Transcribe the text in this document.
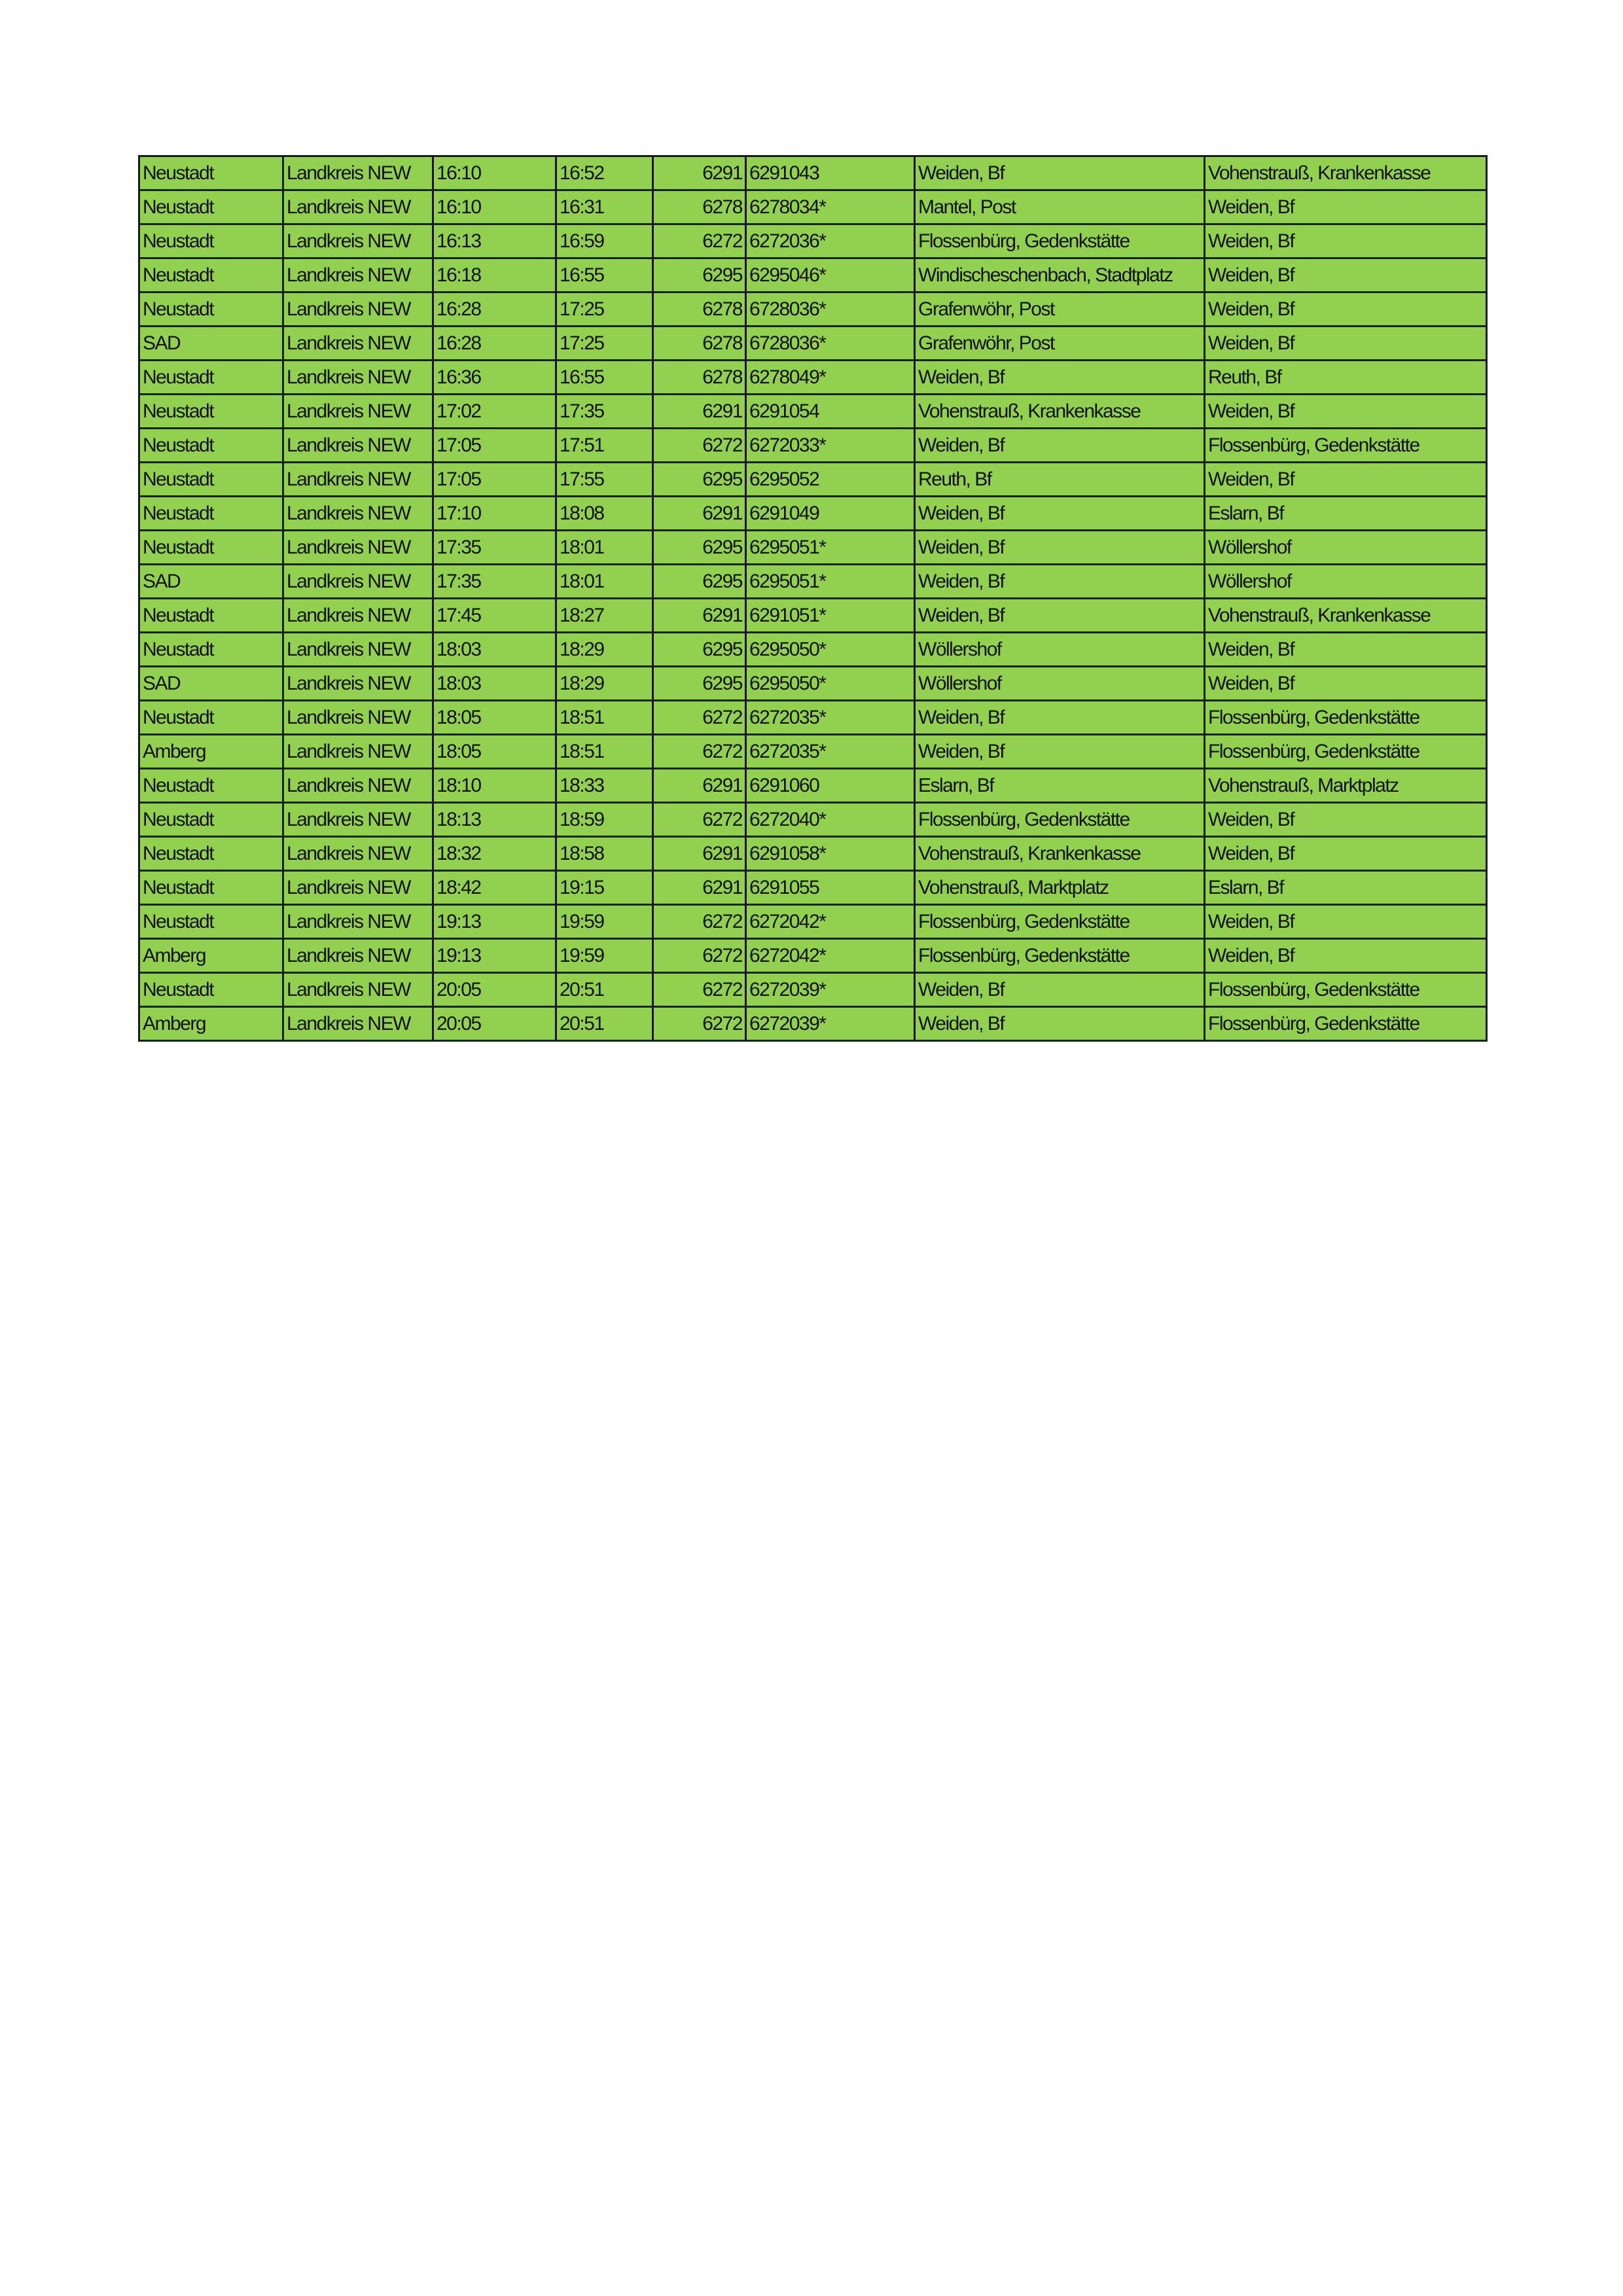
Neustadt	Landkreis NEW	16:10	16:52	6291	6291043	Weiden, Bf	Vohenstrauß, Krankenkasse
Neustadt	Landkreis NEW	16:10	16:31	6278	6278034*	Mantel, Post	Weiden, Bf
Neustadt	Landkreis NEW	16:13	16:59	6272	6272036*	Flossenbürg, Gedenkstätte	Weiden, Bf
Neustadt	Landkreis NEW	16:18	16:55	6295	6295046*	Windischeschenbach, Stadtplatz	Weiden, Bf
Neustadt	Landkreis NEW	16:28	17:25	6278	6728036*	Grafenwöhr, Post	Weiden, Bf
SAD	Landkreis NEW	16:28	17:25	6278	6728036*	Grafenwöhr, Post	Weiden, Bf
Neustadt	Landkreis NEW	16:36	16:55	6278	6278049*	Weiden, Bf	Reuth, Bf
Neustadt	Landkreis NEW	17:02	17:35	6291	6291054	Vohenstrauß, Krankenkasse	Weiden, Bf
Neustadt	Landkreis NEW	17:05	17:51	6272	6272033*	Weiden, Bf	Flossenbürg, Gedenkstätte
Neustadt	Landkreis NEW	17:05	17:55	6295	6295052	Reuth, Bf	Weiden, Bf
Neustadt	Landkreis NEW	17:10	18:08	6291	6291049	Weiden, Bf	Eslarn, Bf
Neustadt	Landkreis NEW	17:35	18:01	6295	6295051*	Weiden, Bf	Wöllershof
SAD	Landkreis NEW	17:35	18:01	6295	6295051*	Weiden, Bf	Wöllershof
Neustadt	Landkreis NEW	17:45	18:27	6291	6291051*	Weiden, Bf	Vohenstrauß, Krankenkasse
Neustadt	Landkreis NEW	18:03	18:29	6295	6295050*	Wöllershof	Weiden, Bf
SAD	Landkreis NEW	18:03	18:29	6295	6295050*	Wöllershof	Weiden, Bf
Neustadt	Landkreis NEW	18:05	18:51	6272	6272035*	Weiden, Bf	Flossenbürg, Gedenkstätte
Amberg	Landkreis NEW	18:05	18:51	6272	6272035*	Weiden, Bf	Flossenbürg, Gedenkstätte
Neustadt	Landkreis NEW	18:10	18:33	6291	6291060	Eslarn, Bf	Vohenstrauß, Marktplatz
Neustadt	Landkreis NEW	18:13	18:59	6272	6272040*	Flossenbürg, Gedenkstätte	Weiden, Bf
Neustadt	Landkreis NEW	18:32	18:58	6291	6291058*	Vohenstrauß, Krankenkasse	Weiden, Bf
Neustadt	Landkreis NEW	18:42	19:15	6291	6291055	Vohenstrauß, Marktplatz	Eslarn, Bf
Neustadt	Landkreis NEW	19:13	19:59	6272	6272042*	Flossenbürg, Gedenkstätte	Weiden, Bf
Amberg	Landkreis NEW	19:13	19:59	6272	6272042*	Flossenbürg, Gedenkstätte	Weiden, Bf
Neustadt	Landkreis NEW	20:05	20:51	6272	6272039*	Weiden, Bf	Flossenbürg, Gedenkstätte
Amberg	Landkreis NEW	20:05	20:51	6272	6272039*	Weiden, Bf	Flossenbürg, Gedenkstätte
